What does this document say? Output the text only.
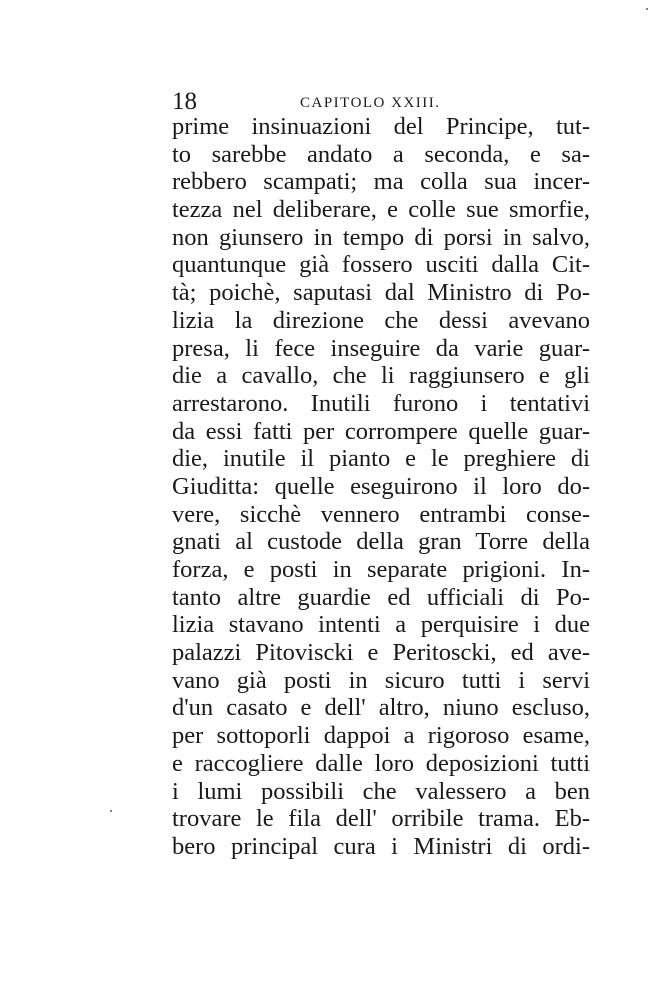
18	CAPITOLO XXIII.
prime insinuazioni del Principe, tut-
to sarebbe andato a seconda, e sa-
rebbero scampati; ma colla sua incer-
tezza nel deliberare, e colle sue smorfie,
non giunsero in tempo di porsi in salvo,
quantunque già fossero usciti dalla Cit-
tà; poichè, saputasi dal Ministro di Po-
lizia la direzione che dessi avevano
presa, li fece inseguire da varie guar-
die a cavallo, che li raggiunsero e gli
arrestarono. Inutili furono i tentativi
da essi fatti per corrompere quelle guar-
die, inutile il pianto e le preghiere di
Giuditta: quelle eseguirono il loro do-
vere, sicchè vennero entrambi conse-
gnati al custode della gran Torre della
forza, e posti in separate prigioni. In-
tanto altre guardie ed ufficiali di Po-
lizia stavano intenti a perquisire i due
palazzi Pitoviscki e Peritoscki, ed ave-
vano già posti in sicuro tutti i servi
d'un casato e dell' altro, niuno escluso,
per sottoporli dappoi a rigoroso esame,
e raccogliere dalle loro deposizioni tutti
i lumi possibili che valessero a ben
trovare le fila dell' orribile trama. Eb-
bero principal cura i Ministri di ordi-
